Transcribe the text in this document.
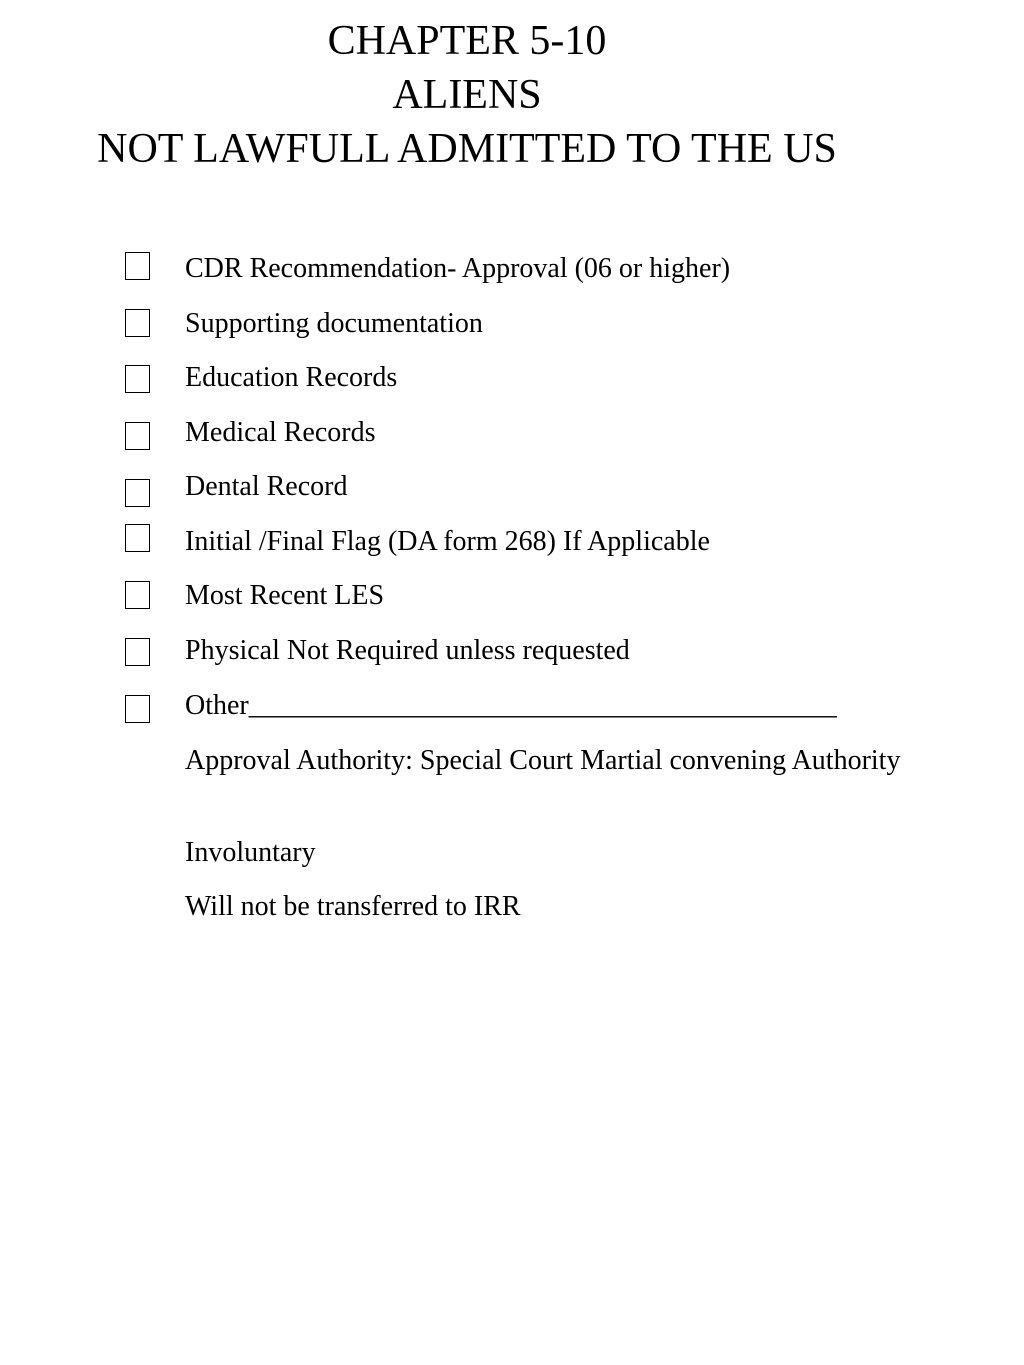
CHAPTER 5-10
ALIENS
NOT LAWFULL ADMITTED TO THE US
CDR Recommendation- Approval (06 or higher)
Supporting documentation
Education Records
Medical Records
Dental Record
Initial /Final Flag (DA form 268) If Applicable
Most Recent LES
Physical Not Required unless requested
Other__________________________________________
Approval Authority: Special Court Martial convening Authority
Involuntary
Will not be transferred to IRR
